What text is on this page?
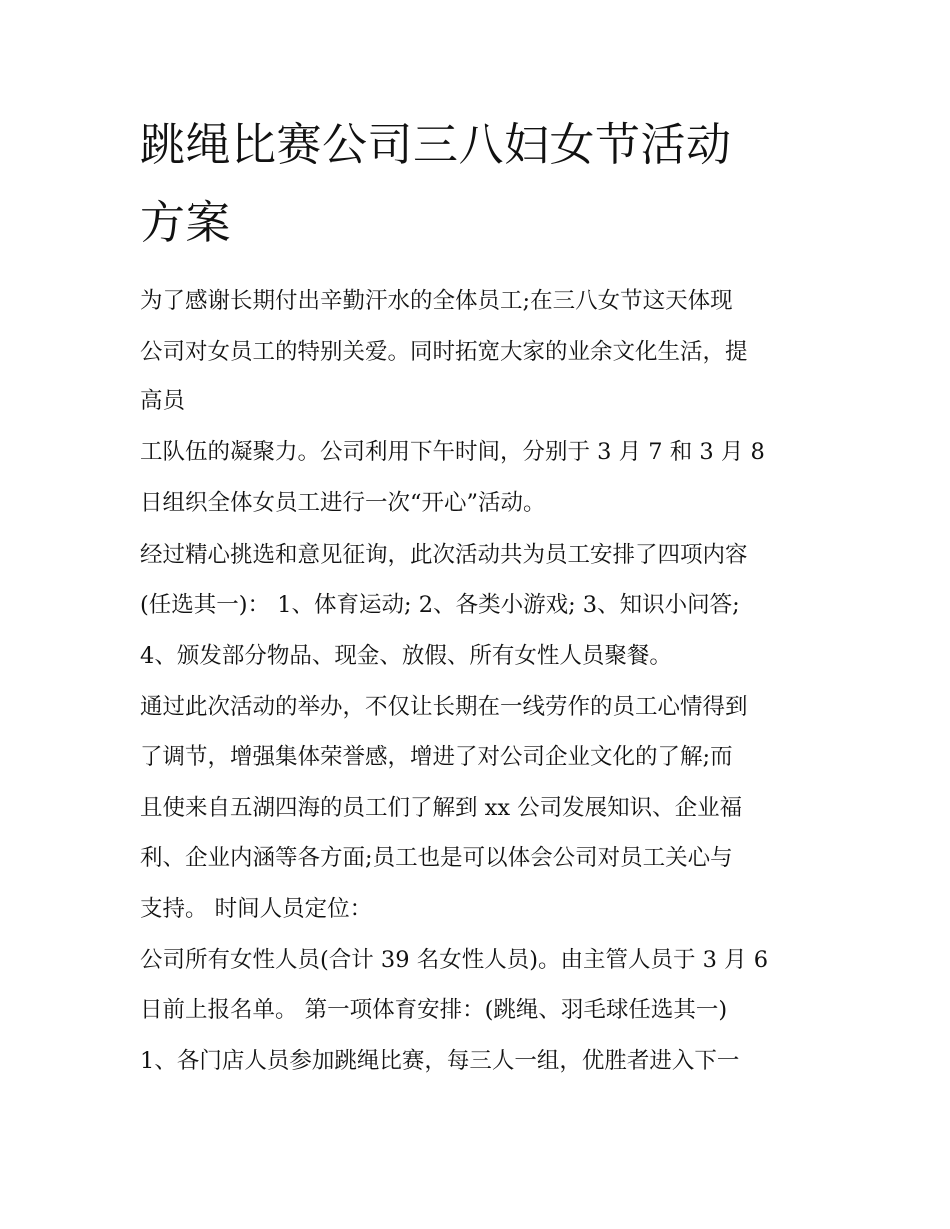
跳绳比赛公司三八妇女节活动
方案
为了感谢长期付出辛勤汗水的全体员工;在三八女节这天体现
公司对女员工的特别关爱。同时拓宽大家的业余文化生活，提
高员
工队伍的凝聚力。公司利用下午时间，分别于 3 月 7 和 3 月 8
日组织全体女员工进行一次“开心”活动。
经过精心挑选和意见征询，此次活动共为员工安排了四项内容
(任选其一)： 1、体育运动; 2、各类小游戏; 3、知识小问答;
4、颁发部分物品、现金、放假、所有女性人员聚餐。
通过此次活动的举办，不仅让长期在一线劳作的员工心情得到
了调节，增强集体荣誉感，增进了对公司企业文化的了解;而
且使来自五湖四海的员工们了解到 xx 公司发展知识、企业福
利、企业内涵等各方面;员工也是可以体会公司对员工关心与
支持。 时间人员定位：
公司所有女性人员(合计 39 名女性人员)。由主管人员于 3 月 6
日前上报名单。 第一项体育安排：(跳绳、羽毛球任选其一)
1、各门店人员参加跳绳比赛，每三人一组，优胜者进入下一
